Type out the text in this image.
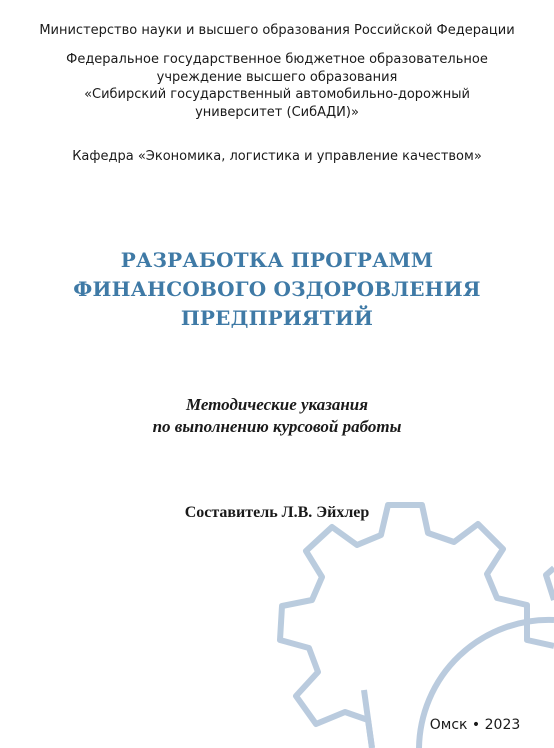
Министерство науки и высшего образования Российской Федерации
Федеральное государственное бюджетное образовательное
учреждение высшего образования
«Сибирский государственный автомобильно-дорожный
университет (СибАДИ)»
Кафедра «Экономика, логистика и управление качеством»
РАЗРАБОТКА ПРОГРАММ
ФИНАНСОВОГО ОЗДОРОВЛЕНИЯ
ПРЕДПРИЯТИЙ
Методические указания
по выполнению курсовой работы
Составитель Л.В. Эйхлер
Омск • 2023
